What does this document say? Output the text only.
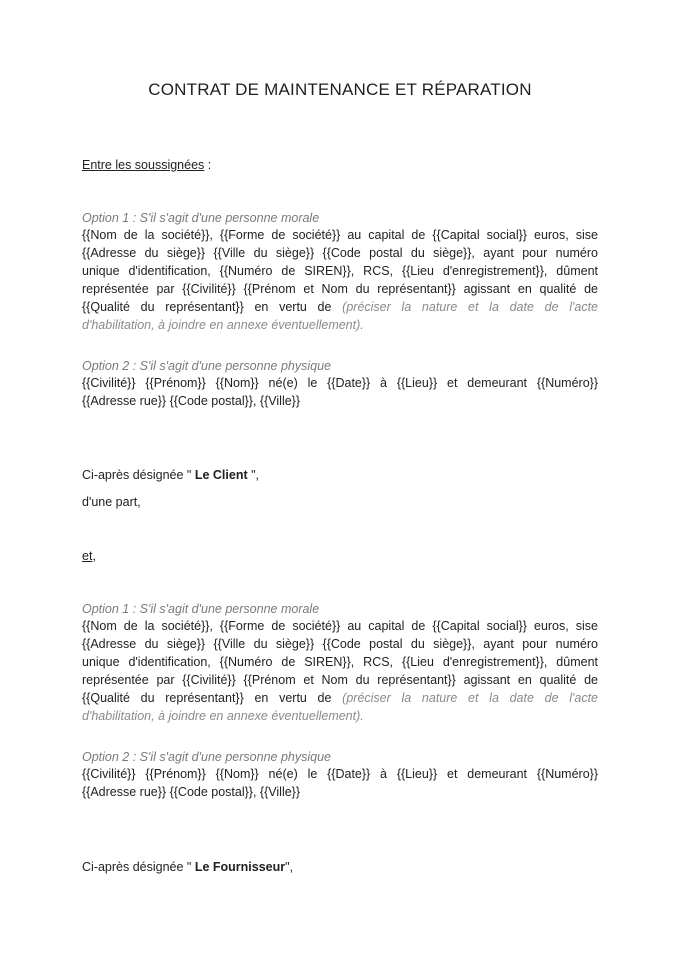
CONTRAT DE MAINTENANCE ET RÉPARATION
Entre les soussignées :
Option 1 : S'il s'agit d'une personne morale
{{Nom de la société}}, {{Forme de société}} au capital de {{Capital social}} euros, sise
{{Adresse du siège}} {{Ville du siège}} {{Code postal du siège}}, ayant pour numéro
unique d'identification, {{Numéro de SIREN}}, RCS, {{Lieu d'enregistrement}}, dûment
représentée par {{Civilité}} {{Prénom et Nom du représentant}} agissant en qualité de
{{Qualité du représentant}} en vertu de (préciser la nature et la date de l'acte
d'habilitation, à joindre en annexe éventuellement).
Option 2 : S'il s'agit d'une personne physique
{{Civilité}} {{Prénom}} {{Nom}} né(e) le {{Date}} à {{Lieu}} et demeurant {{Numéro}}
{{Adresse rue}} {{Code postal}}, {{Ville}}
Ci-après désignée " Le Client ",
d'une part,
et,
Option 1 : S'il s'agit d'une personne morale
{{Nom de la société}}, {{Forme de société}} au capital de {{Capital social}} euros, sise
{{Adresse du siège}} {{Ville du siège}} {{Code postal du siège}}, ayant pour numéro
unique d'identification, {{Numéro de SIREN}}, RCS, {{Lieu d'enregistrement}}, dûment
représentée par {{Civilité}} {{Prénom et Nom du représentant}} agissant en qualité de
{{Qualité du représentant}} en vertu de (préciser la nature et la date de l'acte
d'habilitation, à joindre en annexe éventuellement).
Option 2 : S'il s'agit d'une personne physique
{{Civilité}} {{Prénom}} {{Nom}} né(e) le {{Date}} à {{Lieu}} et demeurant {{Numéro}}
{{Adresse rue}} {{Code postal}}, {{Ville}}
Ci-après désignée " Le Fournisseur",
